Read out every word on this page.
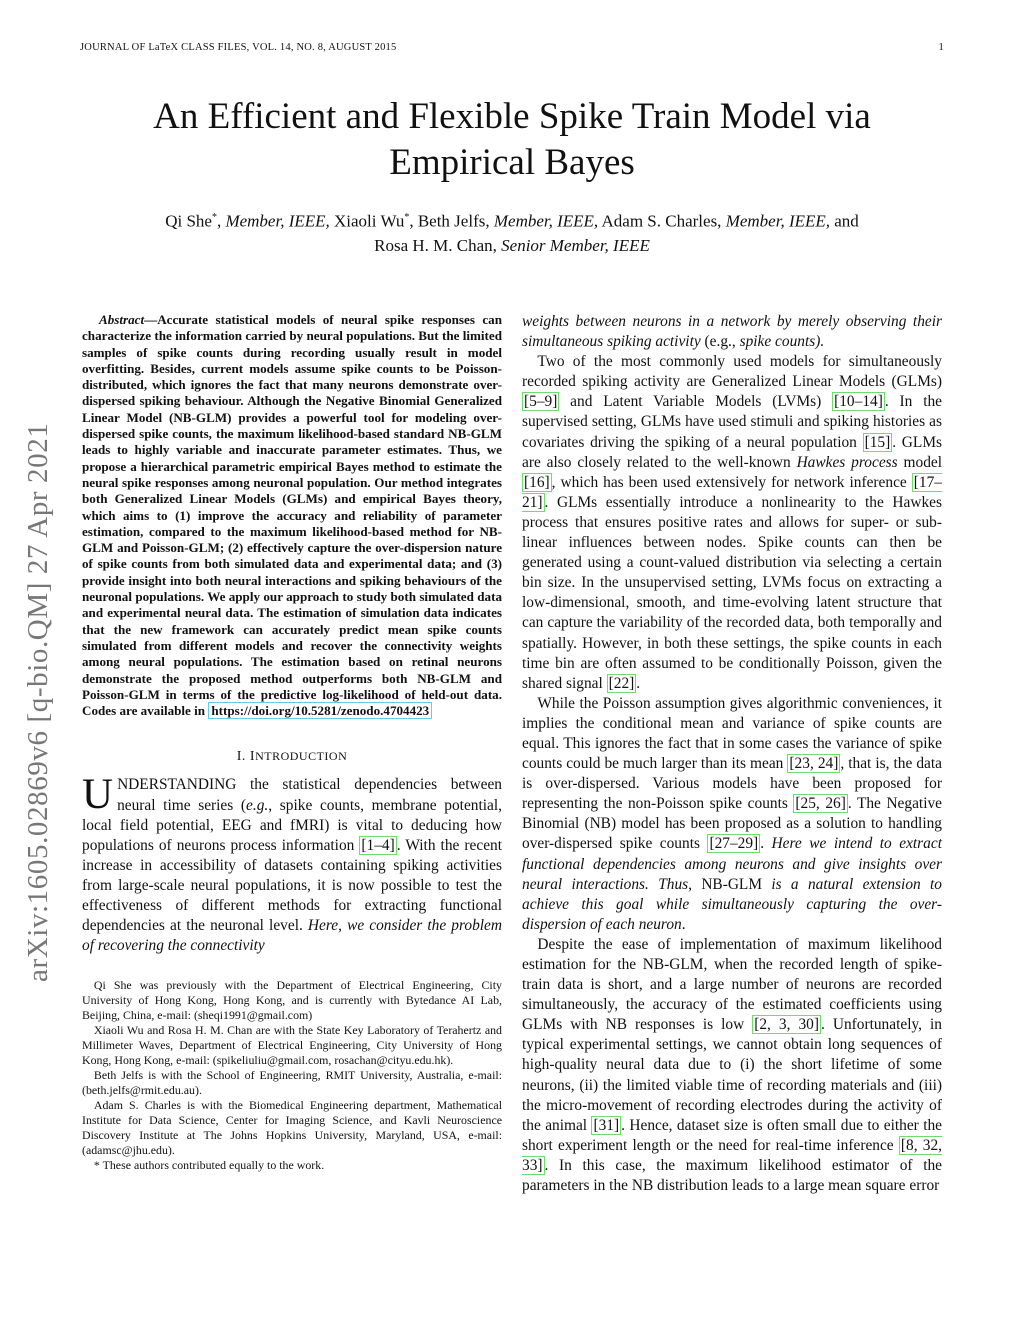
JOURNAL OF LaTeX CLASS FILES, VOL. 14, NO. 8, AUGUST 2015	1
arXiv:1605.02869v6 [q-bio.QM] 27 Apr 2021
An Efficient and Flexible Spike Train Model via Empirical Bayes
Qi She*, Member, IEEE, Xiaoli Wu*, Beth Jelfs, Member, IEEE, Adam S. Charles, Member, IEEE, and
Rosa H. M. Chan, Senior Member, IEEE

Abstract—Accurate statistical models of neural spike responses can characterize the information carried by neural populations. But the limited samples of spike counts during recording usually result in model overfitting. Besides, current models assume spike counts to be Poisson-distributed, which ignores the fact that many neurons demonstrate over-dispersed spiking behaviour. Although the Negative Binomial Generalized Linear Model (NB-GLM) provides a powerful tool for modeling over-dispersed spike counts, the maximum likelihood-based standard NB-GLM leads to highly variable and inaccurate parameter estimates. Thus, we propose a hierarchical parametric empirical Bayes method to estimate the neural spike responses among neuronal population. Our method integrates both Generalized Linear Models (GLMs) and empirical Bayes theory, which aims to (1) improve the accuracy and reliability of parameter estimation, compared to the maximum likelihood-based method for NB-GLM and Poisson-GLM; (2) effectively capture the over-dispersion nature of spike counts from both simulated data and experimental data; and (3) provide insight into both neural interactions and spiking behaviours of the neuronal populations. We apply our approach to study both simulated data and experimental neural data. The estimation of simulation data indicates that the new framework can accurately predict mean spike counts simulated from different models and recover the connectivity weights among neural populations. The estimation based on retinal neurons demonstrate the proposed method outperforms both NB-GLM and Poisson-GLM in terms of the predictive log-likelihood of held-out data. Codes are available in https://doi.org/10.5281/zenodo.4704423

I. INTRODUCTION

UNDERSTANDING the statistical dependencies between neural time series (e.g., spike counts, membrane potential, local field potential, EEG and fMRI) is vital to deducing how populations of neurons process information [1–4] . With the recent increase in accessibility of datasets containing spiking activities from large-scale neural populations, it is now possible to test the effectiveness of different methods for extracting functional dependencies at the neuronal level. Here, we consider the problem of recovering the connectivity

Qi She was previously with the Department of Electrical Engineering, City University of Hong Kong, Hong Kong, and is currently with Bytedance AI Lab, Beijing, China, e-mail: (sheqi1991@gmail.com)

Xiaoli Wu and Rosa H. M. Chan are with the State Key Laboratory of Terahertz and Millimeter Waves, Department of Electrical Engineering, City University of Hong Kong, Hong Kong, e-mail: (spikeliuliu@gmail.com, rosachan@cityu.edu.hk).

Beth Jelfs is with the School of Engineering, RMIT University, Australia, e-mail: (beth.jelfs@rmit.edu.au).

Adam S. Charles is with the Biomedical Engineering department, Mathematical Institute for Data Science, Center for Imaging Science, and Kavli Neuroscience Discovery Institute at The Johns Hopkins University, Maryland, USA, e-mail: (adamsc@jhu.edu).

* These authors contributed equally to the work.

weights between neurons in a network by merely observing their simultaneous spiking activity (e.g., spike counts).

Two of the most commonly used models for simultaneously recorded spiking activity are Generalized Linear Models (GLMs) [5–9] and Latent Variable Models (LVMs) [10–14] . In the supervised setting, GLMs have used stimuli and spiking histories as covariates driving the spiking of a neural population [15] . GLMs are also closely related to the well-known Hawkes process model [16] , which has been used extensively for network inference [17–21] . GLMs essentially introduce a nonlinearity to the Hawkes process that ensures positive rates and allows for super- or sub-linear influences between nodes. Spike counts can then be generated using a count-valued distribution via selecting a certain bin size. In the unsupervised setting, LVMs focus on extracting a low-dimensional, smooth, and time-evolving latent structure that can capture the variability of the recorded data, both temporally and spatially. However, in both these settings, the spike counts in each time bin are often assumed to be conditionally Poisson, given the shared signal [22] .

While the Poisson assumption gives algorithmic conveniences, it implies the conditional mean and variance of spike counts are equal. This ignores the fact that in some cases the variance of spike counts could be much larger than its mean [23, 24] , that is, the data is over-dispersed. Various models have been proposed for representing the non-Poisson spike counts [25, 26] . The Negative Binomial (NB) model has been proposed as a solution to handling over-dispersed spike counts [27–29] . Here we intend to extract functional dependencies among neurons and give insights over neural interactions. Thus, NB-GLM is a natural extension to achieve this goal while simultaneously capturing the over-dispersion of each neuron.

Despite the ease of implementation of maximum likelihood estimation for the NB-GLM, when the recorded length of spike-train data is short, and a large number of neurons are recorded simultaneously, the accuracy of the estimated coefficients using GLMs with NB responses is low [2, 3, 30] . Unfortunately, in typical experimental settings, we cannot obtain long sequences of high-quality neural data due to (i) the short lifetime of some neurons, (ii) the limited viable time of recording materials and (iii) the micro-movement of recording electrodes during the activity of the animal [31] . Hence, dataset size is often small due to either the short experiment length or the need for real-time inference [8, 32, 33] . In this case, the maximum likelihood estimator of the parameters in the NB distribution leads to a large mean square error
